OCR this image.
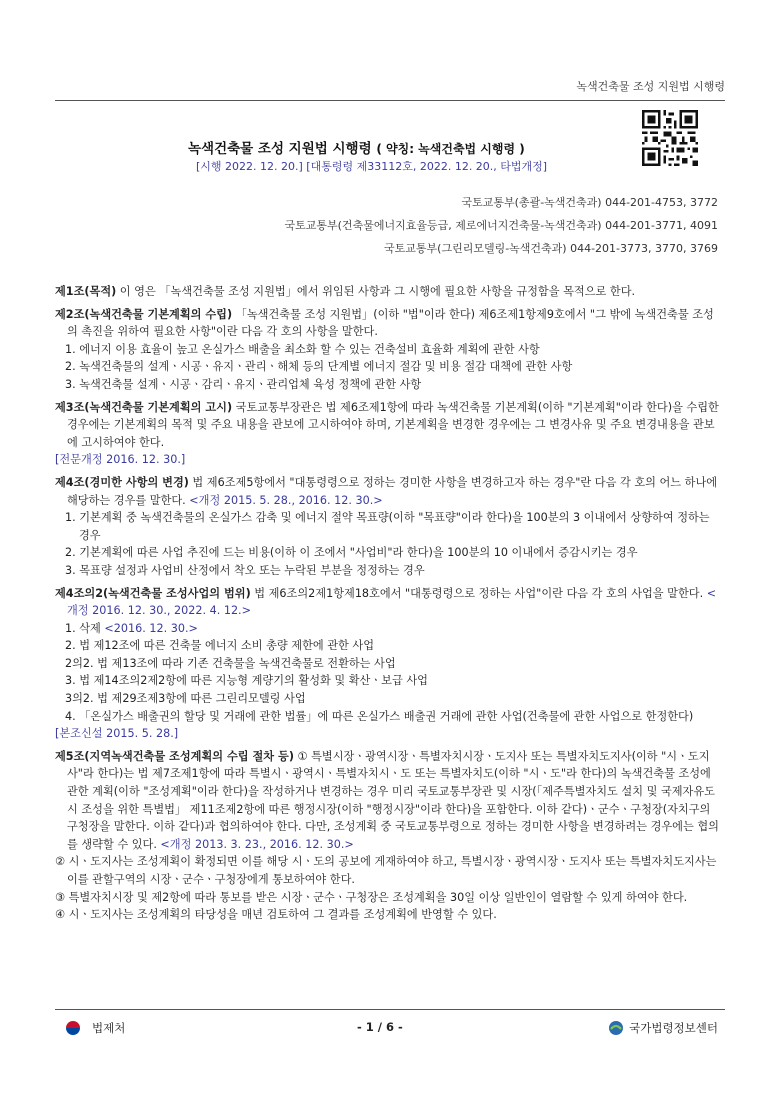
녹색건축물 조성 지원법 시행령
녹색건축물 조성 지원법 시행령 ( 약칭: 녹색건축법 시행령 )
[시행 2022. 12. 20.] [대통령령 제33112호, 2022. 12. 20., 타법개정]
국토교통부(총괄-녹색건축과) 044-201-4753, 3772
국토교통부(건축물에너지효율등급, 제로에너지건축물-녹색건축과) 044-201-3771, 4091
국토교통부(그린리모델링-녹색건축과) 044-201-3773, 3770, 3769

제1조(목적) 이 영은 「녹색건축물 조성 지원법」에서 위임된 사항과 그 시행에 필요한 사항을 규정함을 목적으로 한다.

제2조(녹색건축물 기본계획의 수립) 「녹색건축물 조성 지원법」(이하 "법"이라 한다) 제6조제1항제9호에서 "그 밖에 녹색건축물 조성의 촉진을 위하여 필요한 사항"이란 다음 각 호의 사항을 말한다.

1. 에너지 이용 효율이 높고 온실가스 배출을 최소화 할 수 있는 건축설비 효율화 계획에 관한 사항

2. 녹색건축물의 설계ㆍ시공ㆍ유지ㆍ관리ㆍ해체 등의 단계별 에너지 절감 및 비용 절감 대책에 관한 사항

3. 녹색건축물 설계ㆍ시공ㆍ감리ㆍ유지ㆍ관리업체 육성 정책에 관한 사항

제3조(녹색건축물 기본계획의 고시) 국토교통부장관은 법 제6조제1항에 따라 녹색건축물 기본계획(이하 "기본계획"이라 한다)을 수립한 경우에는 기본계획의 목적 및 주요 내용을 관보에 고시하여야 하며, 기본계획을 변경한 경우에는 그 변경사유 및 주요 변경내용을 관보에 고시하여야 한다.

[전문개정 2016. 12. 30.]

제4조(경미한 사항의 변경) 법 제6조제5항에서 "대통령령으로 정하는 경미한 사항을 변경하고자 하는 경우"란 다음 각 호의 어느 하나에 해당하는 경우를 말한다. <개정 2015. 5. 28., 2016. 12. 30.>

1. 기본계획 중 녹색건축물의 온실가스 감축 및 에너지 절약 목표량(이하 "목표량"이라 한다)을 100분의 3 이내에서 상향하여 정하는 경우

2. 기본계획에 따른 사업 추진에 드는 비용(이하 이 조에서 "사업비"라 한다)을 100분의 10 이내에서 증감시키는 경우

3. 목표량 설정과 사업비 산정에서 착오 또는 누락된 부분을 정정하는 경우

제4조의2(녹색건축물 조성사업의 범위) 법 제6조의2제1항제18호에서 "대통령령으로 정하는 사업"이란 다음 각 호의 사업을 말한다. <개정 2016. 12. 30., 2022. 4. 12.>

1. 삭제 <2016. 12. 30.>

2. 법 제12조에 따른 건축물 에너지 소비 총량 제한에 관한 사업

2의2. 법 제13조에 따라 기존 건축물을 녹색건축물로 전환하는 사업

3. 법 제14조의2제2항에 따른 지능형 계량기의 활성화 및 확산ㆍ보급 사업

3의2. 법 제29조제3항에 따른 그린리모델링 사업

4. 「온실가스 배출권의 할당 및 거래에 관한 법률」에 따른 온실가스 배출권 거래에 관한 사업(건축물에 관한 사업으로 한정한다)

[본조신설 2015. 5. 28.]

제5조(지역녹색건축물 조성계획의 수립 절차 등) ① 특별시장ㆍ광역시장ㆍ특별자치시장ㆍ도지사 또는 특별자치도지사(이하 "시ㆍ도지사"라 한다)는 법 제7조제1항에 따라 특별시ㆍ광역시ㆍ특별자치시ㆍ도 또는 특별자치도(이하 "시ㆍ도"라 한다)의 녹색건축물 조성에 관한 계획(이하 "조성계획"이라 한다)을 작성하거나 변경하는 경우 미리 국토교통부장관 및 시장(「제주특별자치도 설치 및 국제자유도시 조성을 위한 특별법」 제11조제2항에 따른 행정시장(이하 "행정시장"이라 한다)을 포함한다. 이하 같다)ㆍ군수ㆍ구청장(자치구의 구청장을 말한다. 이하 같다)과 협의하여야 한다. 다만, 조성계획 중 국토교통부령으로 정하는 경미한 사항을 변경하려는 경우에는 협의를 생략할 수 있다. <개정 2013. 3. 23., 2016. 12. 30.>

② 시ㆍ도지사는 조성계획이 확정되면 이를 해당 시ㆍ도의 공보에 게재하여야 하고, 특별시장ㆍ광역시장ㆍ도지사 또는 특별자치도지사는 이를 관할구역의 시장ㆍ군수ㆍ구청장에게 통보하여야 한다.

③ 특별자치시장 및 제2항에 따라 통보를 받은 시장ㆍ군수ㆍ구청장은 조성계획을 30일 이상 일반인이 열람할 수 있게 하여야 한다.

④ 시ㆍ도지사는 조성계획의 타당성을 매년 검토하여 그 결과를 조성계획에 반영할 수 있다.

법제처	- 1 / 6 -	국가법령정보센터
